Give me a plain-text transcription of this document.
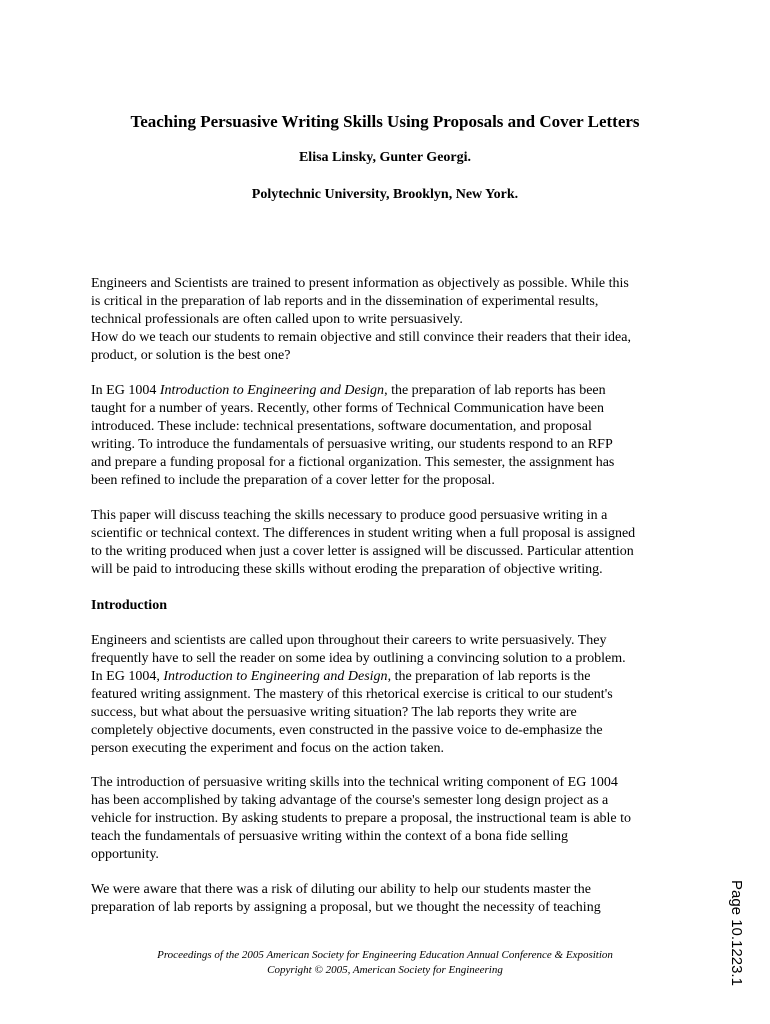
Teaching Persuasive Writing Skills Using Proposals and Cover Letters

Elisa Linsky, Gunter Georgi.

Polytechnic University, Brooklyn, New York.

Engineers and Scientists are trained to present information as objectively as possible. While this
is critical in the preparation of lab reports and in the dissemination of experimental results,
technical professionals are often called upon to write persuasively.
How do we teach our students to remain objective and still convince their readers that their idea,
product, or solution is the best one?

In EG 1004 Introduction to Engineering and Design, the preparation of lab reports has been
taught for a number of years. Recently, other forms of Technical Communication have been
introduced. These include: technical presentations, software documentation, and proposal
writing. To introduce the fundamentals of persuasive writing, our students respond to an RFP
and prepare a funding proposal for a fictional organization. This semester, the assignment has
been refined to include the preparation of a cover letter for the proposal.

This paper will discuss teaching the skills necessary to produce good persuasive writing in a
scientific or technical context. The differences in student writing when a full proposal is assigned
to the writing produced when just a cover letter is assigned will be discussed. Particular attention
will be paid to introducing these skills without eroding the preparation of objective writing.

Introduction

Engineers and scientists are called upon throughout their careers to write persuasively. They
frequently have to sell the reader on some idea by outlining a convincing solution to a problem.
In EG 1004, Introduction to Engineering and Design, the preparation of lab reports is the
featured writing assignment. The mastery of this rhetorical exercise is critical to our student's
success, but what about the persuasive writing situation? The lab reports they write are
completely objective documents, even constructed in the passive voice to de-emphasize the
person executing the experiment and focus on the action taken.

The introduction of persuasive writing skills into the technical writing component of EG 1004
has been accomplished by taking advantage of the course's semester long design project as a
vehicle for instruction. By asking students to prepare a proposal, the instructional team is able to
teach the fundamentals of persuasive writing within the context of a bona fide selling
opportunity.

We were aware that there was a risk of diluting our ability to help our students master the
preparation of lab reports by assigning a proposal, but we thought the necessity of teaching

Proceedings of the 2005 American Society for Engineering Education Annual Conference & Exposition
Copyright © 2005, American Society for Engineering	Page 10.1223.1
